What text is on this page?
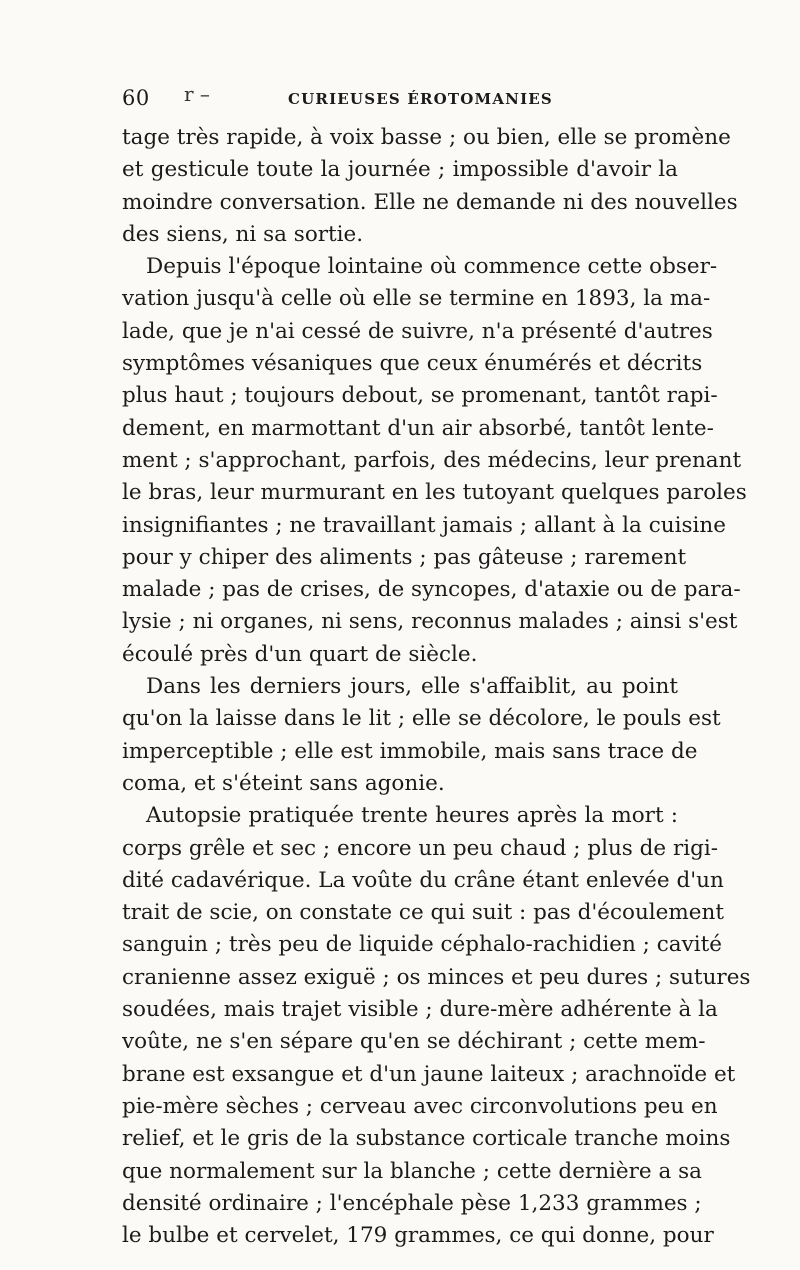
60 r –	CURIEUSES ÉROTOMANIES
tage très rapide, à voix basse ; ou bien, elle se promène
et gesticule toute la journée ; impossible d'avoir la
moindre conversation. Elle ne demande ni des nouvelles
des siens, ni sa sortie.
Depuis l'époque lointaine où commence cette obser-
vation jusqu'à celle où elle se termine en 1893, la ma-
lade, que je n'ai cessé de suivre, n'a présenté d'autres
symptômes vésaniques que ceux énumérés et décrits
plus haut ; toujours debout, se promenant, tantôt rapi-
dement, en marmottant d'un air absorbé, tantôt lente-
ment ; s'approchant, parfois, des médecins, leur prenant
le bras, leur murmurant en les tutoyant quelques paroles
insignifiantes ; ne travaillant jamais ; allant à la cuisine
pour y chiper des aliments ; pas gâteuse ; rarement
malade ; pas de crises, de syncopes, d'ataxie ou de para-
lysie ; ni organes, ni sens, reconnus malades ; ainsi s'est
écoulé près d'un quart de siècle.
Dans les derniers jours, elle s'affaiblit, au point
qu'on la laisse dans le lit ; elle se décolore, le pouls est
imperceptible ; elle est immobile, mais sans trace de
coma, et s'éteint sans agonie.
Autopsie pratiquée trente heures après la mort :
corps grêle et sec ; encore un peu chaud ; plus de rigi-
dité cadavérique. La voûte du crâne étant enlevée d'un
trait de scie, on constate ce qui suit : pas d'écoulement
sanguin ; très peu de liquide céphalo-rachidien ; cavité
cranienne assez exiguë ; os minces et peu dures ; sutures
soudées, mais trajet visible ; dure-mère adhérente à la
voûte, ne s'en sépare qu'en se déchirant ; cette mem-
brane est exsangue et d'un jaune laiteux ; arachnoïde et
pie-mère sèches ; cerveau avec circonvolutions peu en
relief, et le gris de la substance corticale tranche moins
que normalement sur la blanche ; cette dernière a sa
densité ordinaire ; l'encéphale pèse 1,233 grammes ;
le bulbe et cervelet, 179 grammes, ce qui donne, pour
